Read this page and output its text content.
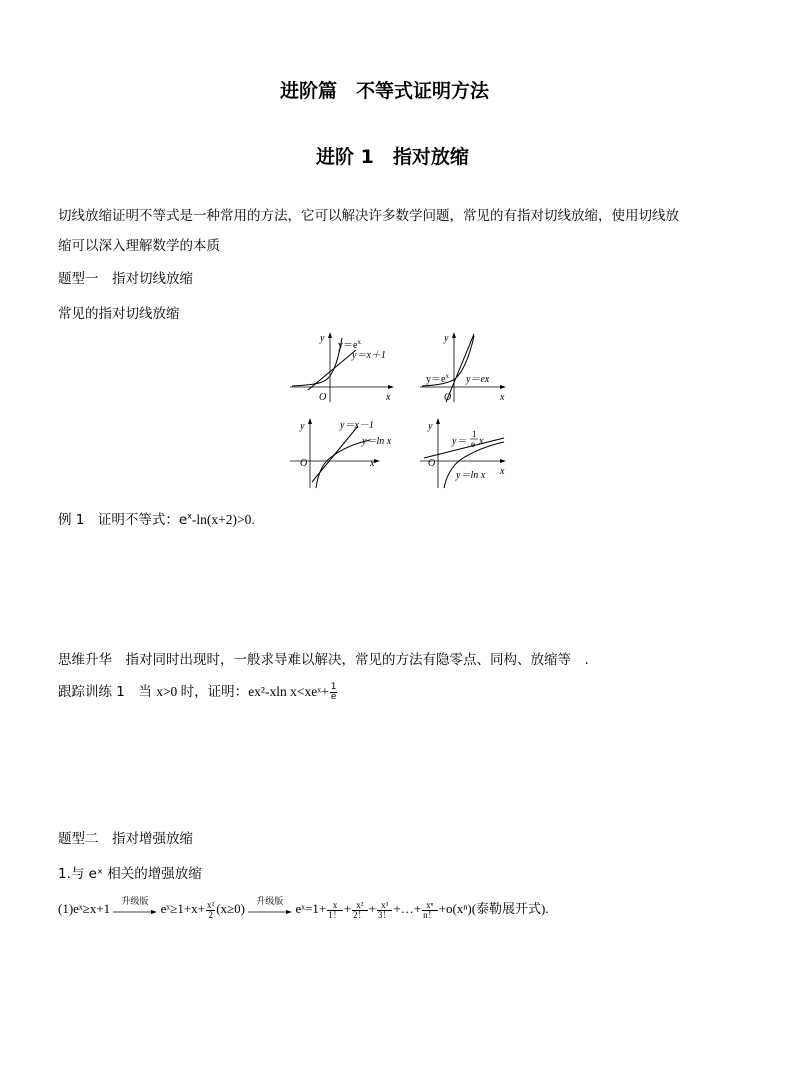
进阶篇　不等式证明方法
进阶 1　指对放缩
切线放缩证明不等式是一种常用的方法，它可以解决许多数学问题，常见的有指对切线放缩，使用切线放
缩可以深入理解数学的本质
题型一　指对切线放缩
常见的指对切线放缩
y
x
O
$y=e^x$
y＝x＋1
y
x
O
$y=e^x$ y＝ex
y
x
O
y＝x－1
y＝ln x
y
x
O
y＝
1
e x
y＝ln x
例 1　证明不等式：$e^x-\ln(x+2)>0$.
思维升华　指对同时出现时，一般求导难以解决，常见的方法有隐零点、同构、放缩等　.
跟踪训练 1　当 x>0 时，证明：ex²-xln x<xeˣ+ $\frac{1}{e}$
题型二　指对增强放缩
1.与 eˣ 相关的增强放缩
(1)eˣ≥x+1 升级版 eˣ≥1+x+ $\frac{\text{x²}}{2} (x\ge 0)$ 升级版 eˣ=1+ $\frac{x}{1!} + \frac{\text{x²}}{2!} + \frac{\text{x³}}{3!}$ +…+ $\frac{\text{xⁿ}}{n!} +o(x^n)$(泰勒展开式).
